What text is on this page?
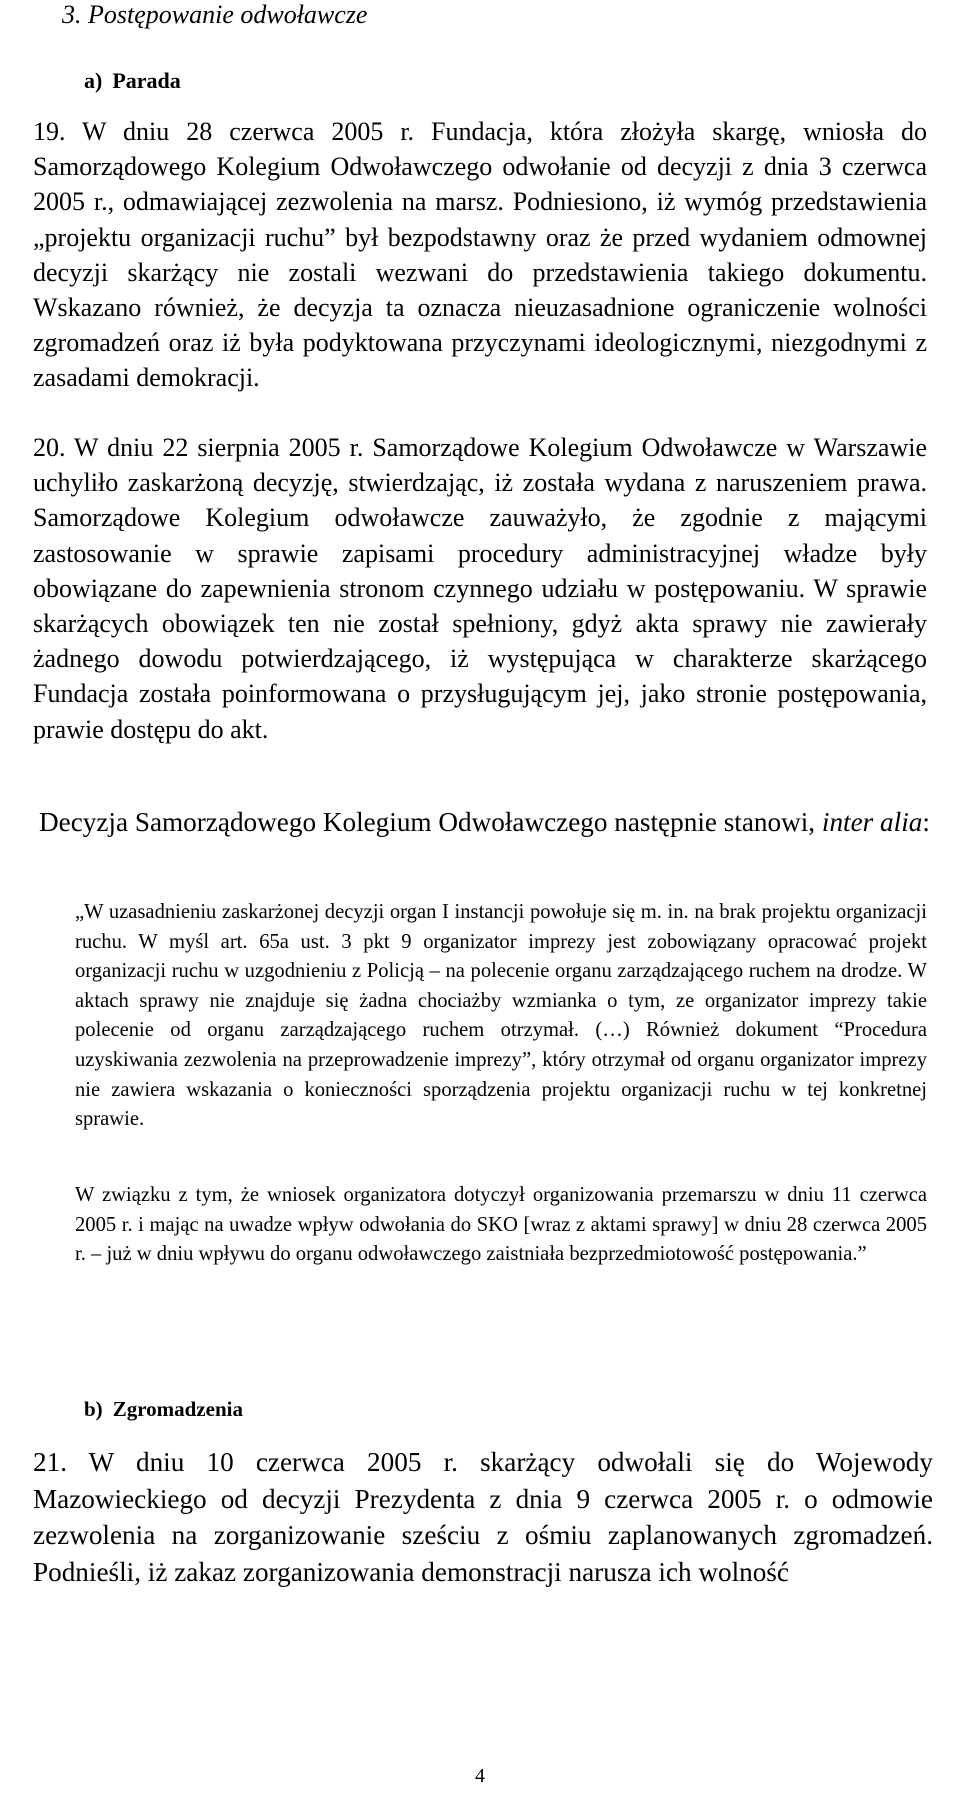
3. Postępowanie odwoławcze
a) Parada

19. W dniu 28 czerwca 2005 r. Fundacja, która złożyła skargę, wniosła do Samorządowego Kolegium Odwoławczego odwołanie od decyzji z dnia 3 czerwca 2005 r., odmawiającej zezwolenia na marsz. Podniesiono, iż wymóg przedstawienia „projektu organizacji ruchu” był bezpodstawny oraz że przed wydaniem odmownej decyzji skarżący nie zostali wezwani do przedstawienia takiego dokumentu. Wskazano również, że decyzja ta oznacza nieuzasadnione ograniczenie wolności zgromadzeń oraz iż była podyktowana przyczynami ideologicznymi, niezgodnymi z zasadami demokracji.

20. W dniu 22 sierpnia 2005 r. Samorządowe Kolegium Odwoławcze w Warszawie uchyliło zaskarżoną decyzję, stwierdzając, iż została wydana z naruszeniem prawa. Samorządowe Kolegium odwoławcze zauważyło, że zgodnie z mającymi zastosowanie w sprawie zapisami procedury administracyjnej władze były obowiązane do zapewnienia stronom czynnego udziału w postępowaniu. W sprawie skarżących obowiązek ten nie został spełniony, gdyż akta sprawy nie zawierały żadnego dowodu potwierdzającego, iż występująca w charakterze skarżącego Fundacja została poinformowana o przysługującym jej, jako stronie postępowania, prawie dostępu do akt.

Decyzja Samorządowego Kolegium Odwoławczego następnie stanowi, inter alia:

„W uzasadnieniu zaskarżonej decyzji organ I instancji powołuje się m. in. na brak projektu organizacji ruchu. W myśl art. 65a ust. 3 pkt 9 organizator imprezy jest zobowiązany opracować projekt organizacji ruchu w uzgodnieniu z Policją – na polecenie organu zarządzającego ruchem na drodze. W aktach sprawy nie znajduje się żadna chociażby wzmianka o tym, ze organizator imprezy takie polecenie od organu zarządzającego ruchem otrzymał. (…) Również dokument “Procedura uzyskiwania zezwolenia na przeprowadzenie imprezy”, który otrzymał od organu organizator imprezy nie zawiera wskazania o konieczności sporządzenia projektu organizacji ruchu w tej konkretnej sprawie.

W związku z tym, że wniosek organizatora dotyczył organizowania przemarszu w dniu 11 czerwca 2005 r. i mając na uwadze wpływ odwołania do SKO [wraz z aktami sprawy] w dniu 28 czerwca 2005 r. – już w dniu wpływu do organu odwoławczego zaistniała bezprzedmiotowość postępowania.”

b) Zgromadzenia

21. W dniu 10 czerwca 2005 r. skarżący odwołali się do Wojewody Mazowieckiego od decyzji Prezydenta z dnia 9 czerwca 2005 r. o odmowie zezwolenia na zorganizowanie sześciu z ośmiu zaplanowanych zgromadzeń. Podnieśli, iż zakaz zorganizowania demonstracji narusza ich wolność

4
